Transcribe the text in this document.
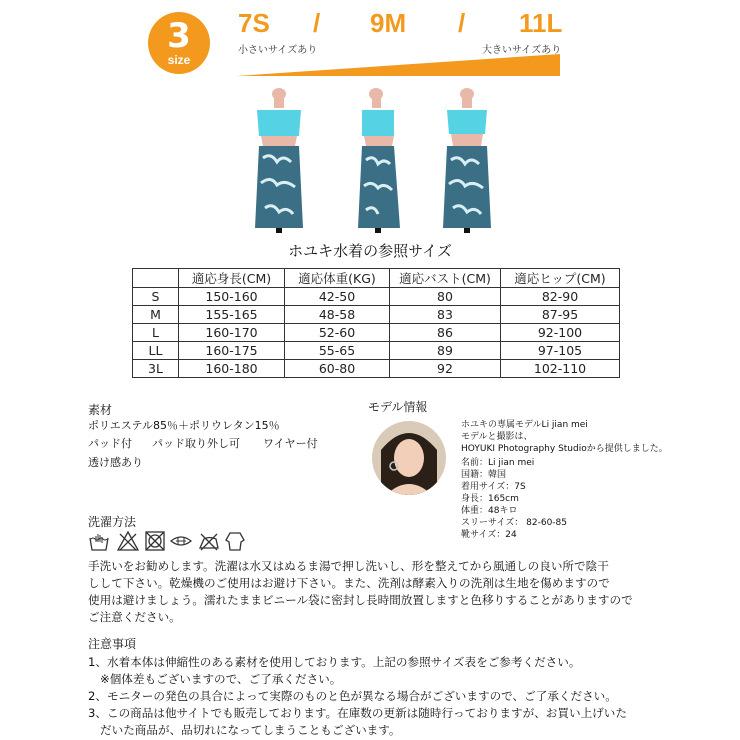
3
size
7S / 9M / 11L
小さいサイズあり	大きいサイズあり
ホユキ水着の参照サイズ
	適応身長(CM)	適応体重(KG)	適応バスト(CM)	適応ヒップ(CM)
S	150-160	42-50	80	82-90
M	155-165	48-58	83	87-95
L	160-170	52-60	86	92-100
LL	160-175	55-65	89	97-105
3L	160-180	60-80	92	102-110
素材
ポリエステル85％＋ポリウレタン15％
パッド付 パッド取り外し可 ワイヤー付
透け感あり
モデル情報
ホユキの専属モデルLi jian mei
モデルと撮影は、
HOYUKI Photography Studioから提供しました。
名前：Li jian mei
国籍：韓国
着用サイズ：7S
身長：165cm
体重：48キロ
スリーサイズ： 82-60-85
靴サイズ：24
洗濯方法
手洗いをお勧めします。洗濯は水又はぬるま湯で押し洗いし、形を整えてから風通しの良い所で陰干
しして下さい。乾燥機のご使用はお避け下さい。また、洗剤は酵素入りの洗剤は生地を傷めますので
使用は避けましょう。濡れたままビニール袋に密封し長時間放置しますと色移りすることがありますので
ご注意ください。
注意事項
1、水着本体は伸縮性のある素材を使用しております。上記の参照サイズ表をご参考ください。
※個体差もございますので、ご了承ください。
2、モニターの発色の具合によって実際のものと色が異なる場合がございますので、ご了承ください。
3、この商品は他サイトでも販売しております。在庫数の更新は随時行っておりますが、お買い上げいた
だいた商品が、品切れになってしまうこともございます。
